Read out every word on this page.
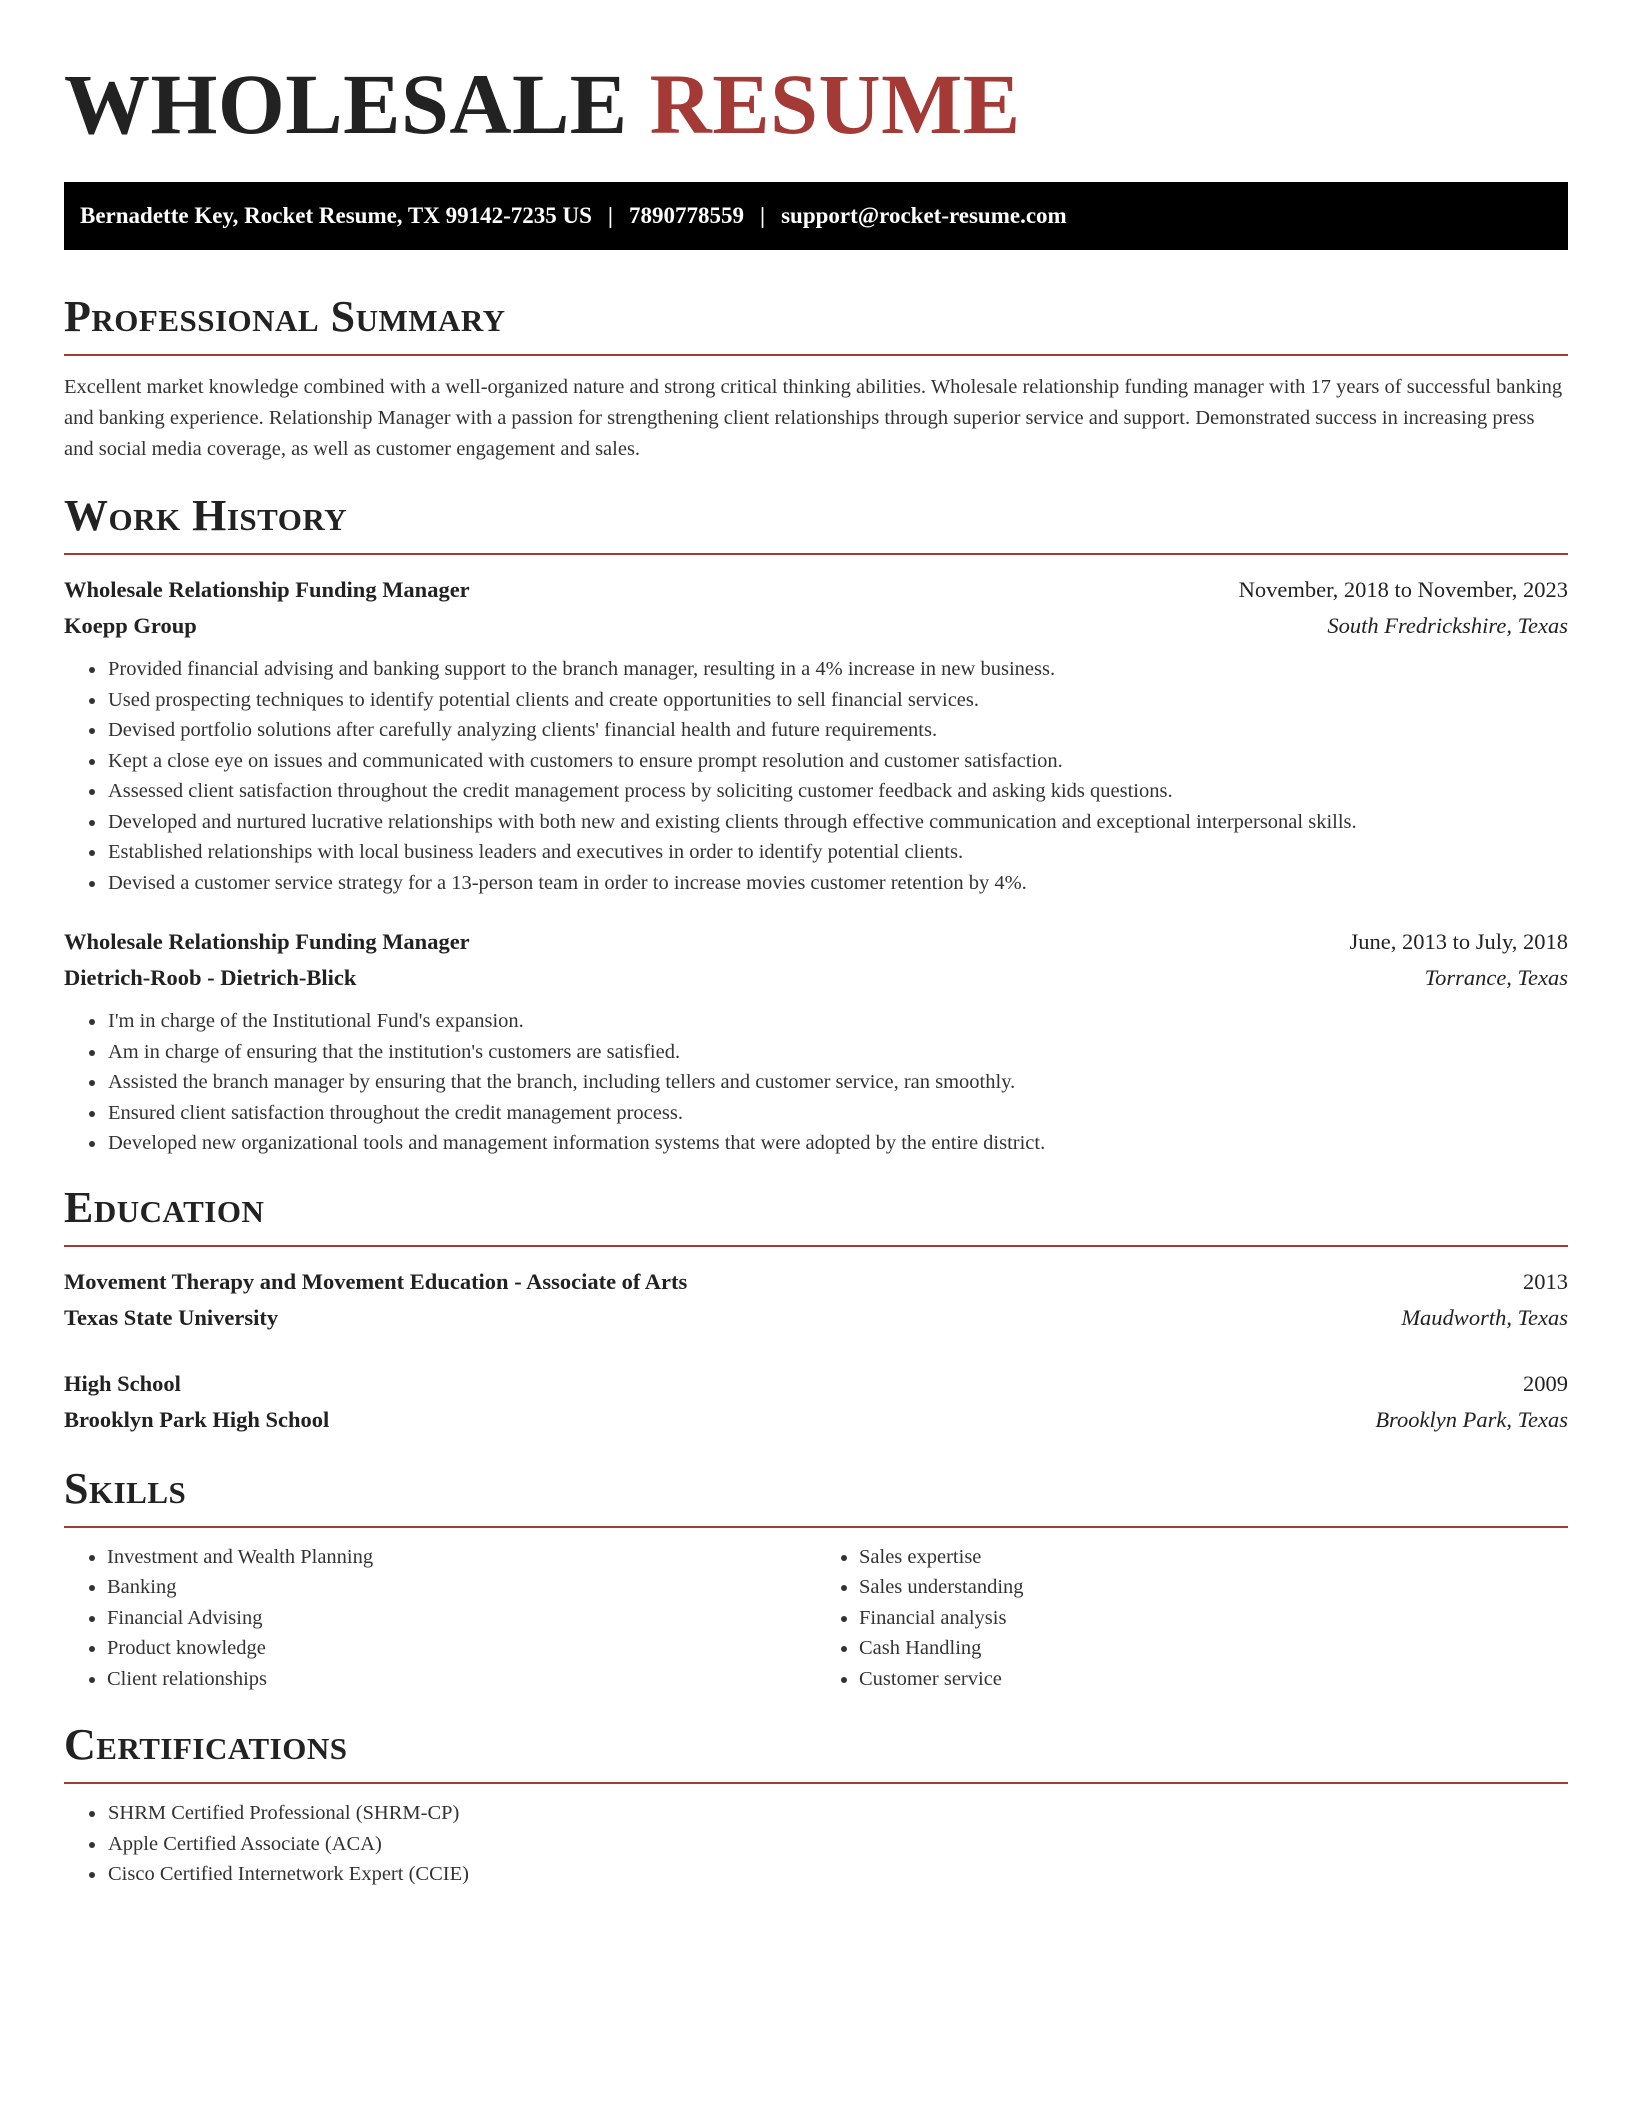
WHOLESALE RESUME
Bernadette Key, Rocket Resume, TX 99142-7235 US | 7890778559 | support@rocket-resume.com
Professional Summary

Excellent market knowledge combined with a well-organized nature and strong critical thinking abilities. Wholesale relationship funding manager with 17 years of successful banking and banking experience. Relationship Manager with a passion for strengthening client relationships through superior service and support. Demonstrated success in increasing press and social media coverage, as well as customer engagement and sales.

Work History
Wholesale Relationship Funding Manager	November, 2018 to November, 2023
Koepp Group	South Fredrickshire, Texas
• Provided financial advising and banking support to the branch manager, resulting in a 4% increase in new business.
• Used prospecting techniques to identify potential clients and create opportunities to sell financial services.
• Devised portfolio solutions after carefully analyzing clients' financial health and future requirements.
• Kept a close eye on issues and communicated with customers to ensure prompt resolution and customer satisfaction.
• Assessed client satisfaction throughout the credit management process by soliciting customer feedback and asking kids questions.
• Developed and nurtured lucrative relationships with both new and existing clients through effective communication and exceptional interpersonal skills.
• Established relationships with local business leaders and executives in order to identify potential clients.
• Devised a customer service strategy for a 13-person team in order to increase movies customer retention by 4%.
Wholesale Relationship Funding Manager	June, 2013 to July, 2018
Dietrich-Roob - Dietrich-Blick	Torrance, Texas
• I'm in charge of the Institutional Fund's expansion.
• Am in charge of ensuring that the institution's customers are satisfied.
• Assisted the branch manager by ensuring that the branch, including tellers and customer service, ran smoothly.
• Ensured client satisfaction throughout the credit management process.
• Developed new organizational tools and management information systems that were adopted by the entire district.
Education
Movement Therapy and Movement Education - Associate of Arts	2013
Texas State University	Maudworth, Texas
High School	2009
Brooklyn Park High School	Brooklyn Park, Texas
Skills
• Investment and Wealth Planning
• Banking
• Financial Advising
• Product knowledge
• Client relationships
• Sales expertise
• Sales understanding
• Financial analysis
• Cash Handling
• Customer service
Certifications
• SHRM Certified Professional (SHRM-CP)
• Apple Certified Associate (ACA)
• Cisco Certified Internetwork Expert (CCIE)
